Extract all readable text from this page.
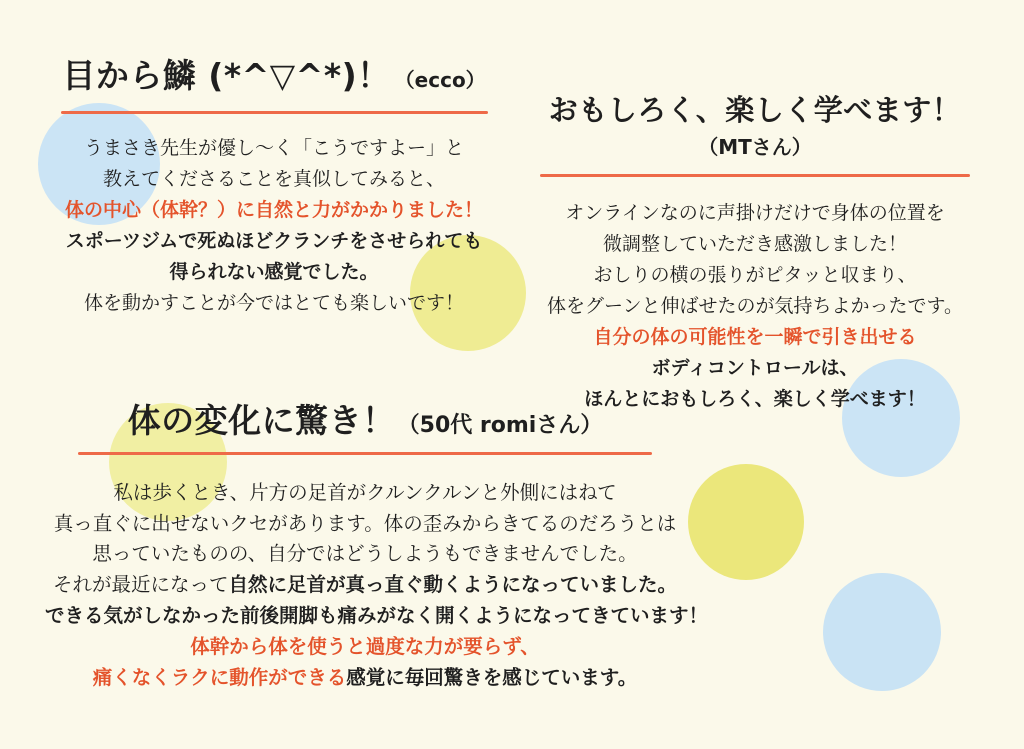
目から鱗 (*^▽^*)！ （ecco）

うまさき先生が優し〜く「こうですよー」と

教えてくださることを真似してみると、

体の中心（体幹？）に自然と力がかかりました！

スポーツジムで死ぬほどクランチをさせられても

得られない感覚でした。

体を動かすことが今ではとても楽しいです！

おもしろく、楽しく学べます！
（MTさん）

オンラインなのに声掛けだけで身体の位置を

微調整していただき感激しました！

おしりの横の張りがピタッと収まり、

体をグーンと伸ばせたのが気持ちよかったです。

自分の体の可能性を一瞬で引き出せる

ボディコントロールは、

ほんとにおもしろく、楽しく学べます！

体の変化に驚き！（50代 romiさん）

私は歩くとき、片方の足首がクルンクルンと外側にはねて

真っ直ぐに出せないクセがあります。体の歪みからきてるのだろうとは

思っていたものの、自分ではどうしようもできませんでした。

それが最近になって自然に足首が真っ直ぐ動くようになっていました。

できる気がしなかった前後開脚も痛みがなく開くようになってきています！

体幹から体を使うと過度な力が要らず、

痛くなくラクに動作ができる感覚に毎回驚きを感じています。
